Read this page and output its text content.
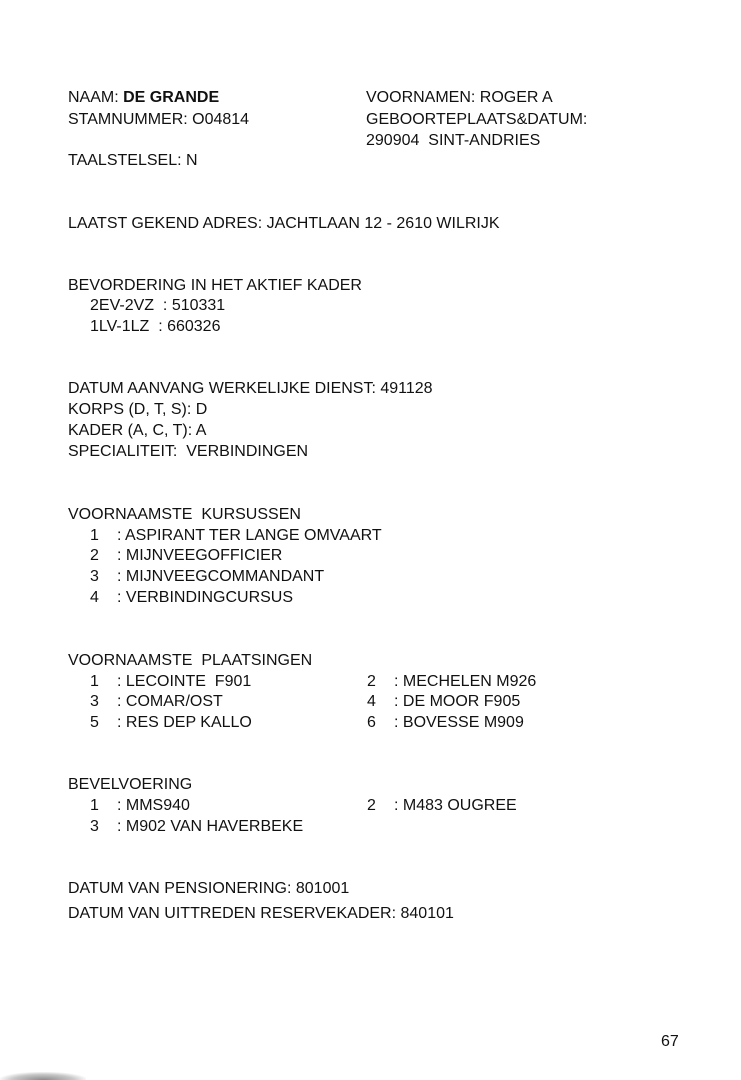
NAAM: DE GRANDE
STAMNUMMER: O04814
VOORNAMEN: ROGER A
GEBOORTEPLAATS&DATUM:
290904  SINT-ANDRIES
TAALSTELSEL: N
LAATST GEKEND ADRES: JACHTLAAN 12 - 2610 WILRIJK
BEVORDERING IN HET AKTIEF KADER
2EV-2VZ  : 510331
1LV-1LZ  : 660326
DATUM AANVANG WERKELIJKE DIENST: 491128
KORPS (D, T, S): D
KADER (A, C, T): A
SPECIALITEIT:  VERBINDINGEN
VOORNAAMSTE  KURSUSSEN
1 : ASPIRANT TER LANGE OMVAART
2 : MIJNVEEGOFFICIER
3 : MIJNVEEGCOMMANDANT
4 : VERBINDINGCURSUS
VOORNAAMSTE  PLAATSINGEN
1 : LECOINTE  F901	2 : MECHELEN M926
3 : COMAR/OST	4 : DE MOOR F905
5 : RES DEP KALLO	6 : BOVESSE M909
BEVELVOERING
1 : MMS940	2 : M483 OUGREE
3 : M902 VAN HAVERBEKE
DATUM VAN PENSIONERING: 801001
DATUM VAN UITTREDEN RESERVEKADER: 840101
67
